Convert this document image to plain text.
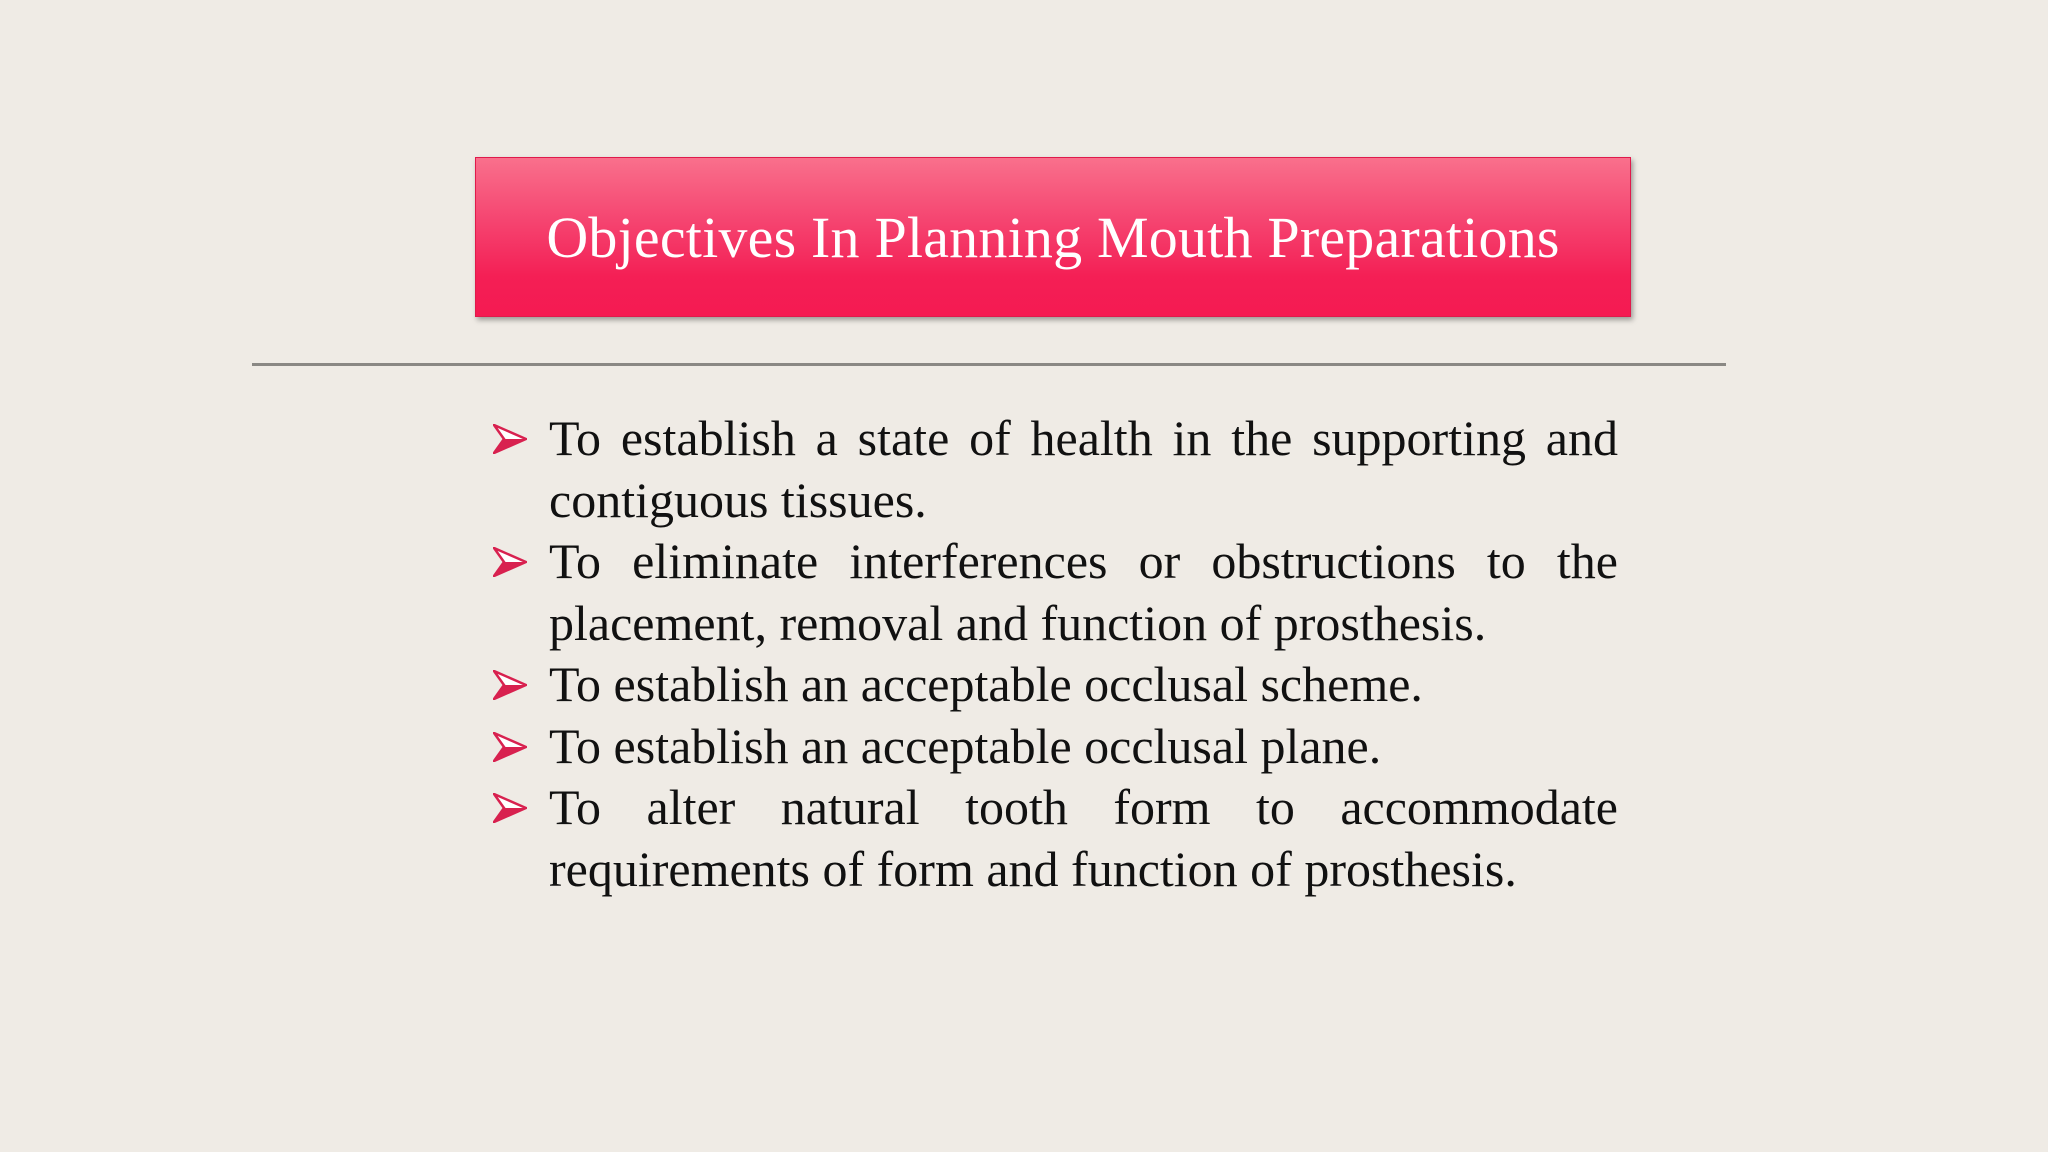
Objectives In Planning Mouth Preparations
To establish a state of health in the supporting and contiguous tissues.
To eliminate interferences or obstructions to the placement, removal and function of prosthesis.
To establish an acceptable occlusal scheme.
To establish an acceptable occlusal plane.
To alter natural tooth form to accommodate requirements of form and function of prosthesis.
